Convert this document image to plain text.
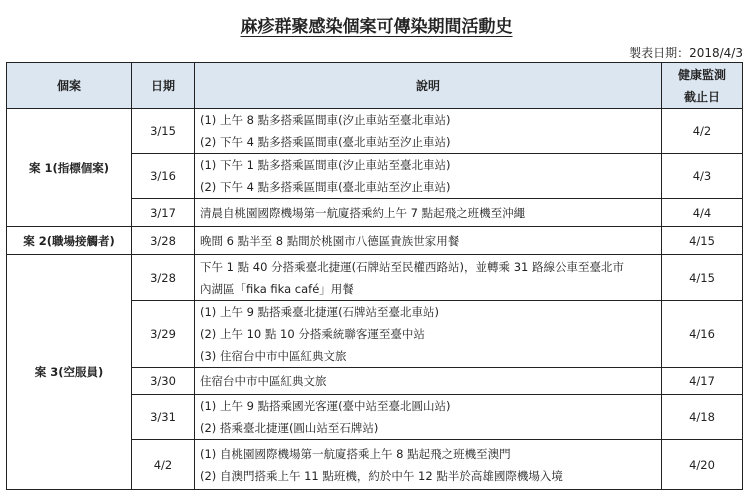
麻疹群聚感染個案可傳染期間活動史
製表日期：2018/4/3
個案	日期	說明	健康監測
截止日

案 1(指標個案)	3/15	(1) 上午 8 點多搭乘區間車(汐止車站至臺北車站)
(2) 下午 4 點多搭乘區間車(臺北車站至汐止車站)	4/2
	3/16	(1) 下午 1 點多搭乘區間車(汐止車站至臺北車站)
(2) 下午 4 點多搭乘區間車(臺北車站至汐止車站)	4/3
	3/17	清晨自桃園國際機場第一航廈搭乘約上午 7 點起飛之班機至沖繩	4/4
案 2(職場接觸者)	3/28	晚間 6 點半至 8 點間於桃園市八德區貴族世家用餐	4/15
案 3(空服員)	3/28	下午 1 點 40 分搭乘臺北捷運(石牌站至民權西路站)，並轉乘 31 路線公車至臺北市
內湖區「fika fika café」用餐	4/15
	3/29	(1) 上午 9 點搭乘臺北捷運(石牌站至臺北車站)
(2) 上午 10 點 10 分搭乘統聯客運至臺中站
(3) 住宿台中市中區紅典文旅	4/16
	3/30	住宿台中市中區紅典文旅	4/17
	3/31	(1) 上午 9 點搭乘國光客運(臺中站至臺北圓山站)
(2) 搭乘臺北捷運(圓山站至石牌站)	4/18
	4/2	(1) 自桃園國際機場第一航廈搭乘上午 8 點起飛之班機至澳門
(2) 自澳門搭乘上午 11 點班機，約於中午 12 點半於高雄國際機場入境	4/20
